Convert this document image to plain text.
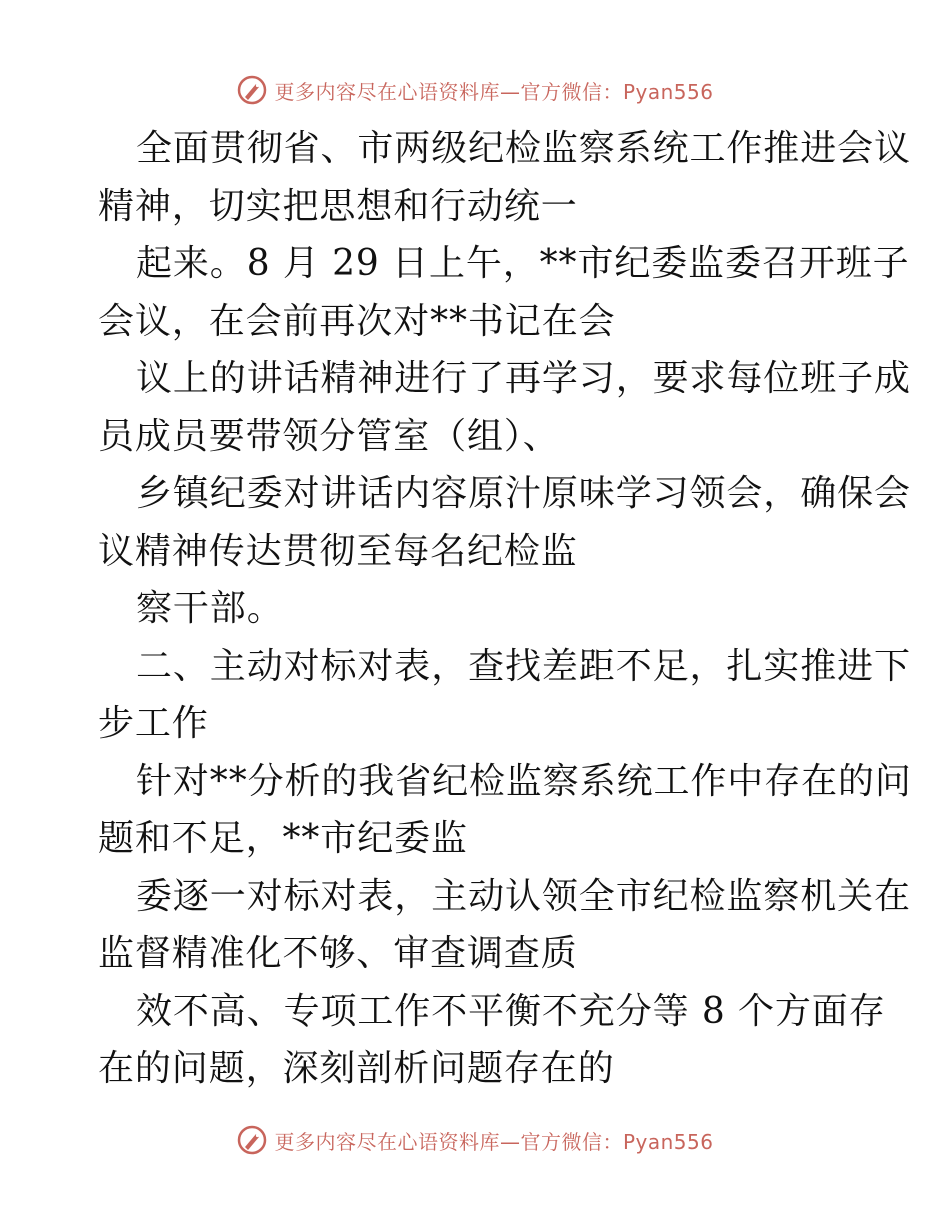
更多内容尽在心语资料库—官方微信：Pyan556
全面贯彻省、市两级纪检监察系统工作推进会议
精神，切实把思想和行动统一
起来。8 月 29 日上午，**市纪委监委召开班子
会议，在会前再次对**书记在会
议上的讲话精神进行了再学习，要求每位班子成
员成员要带领分管室（组）、
乡镇纪委对讲话内容原汁原味学习领会，确保会
议精神传达贯彻至每名纪检监
察干部。
二、主动对标对表，查找差距不足，扎实推进下
步工作
针对**分析的我省纪检监察系统工作中存在的问
题和不足，**市纪委监
委逐一对标对表，主动认领全市纪检监察机关在
监督精准化不够、审查调查质
效不高、专项工作不平衡不充分等 8 个方面存
在的问题，深刻剖析问题存在的
更多内容尽在心语资料库—官方微信：Pyan556
